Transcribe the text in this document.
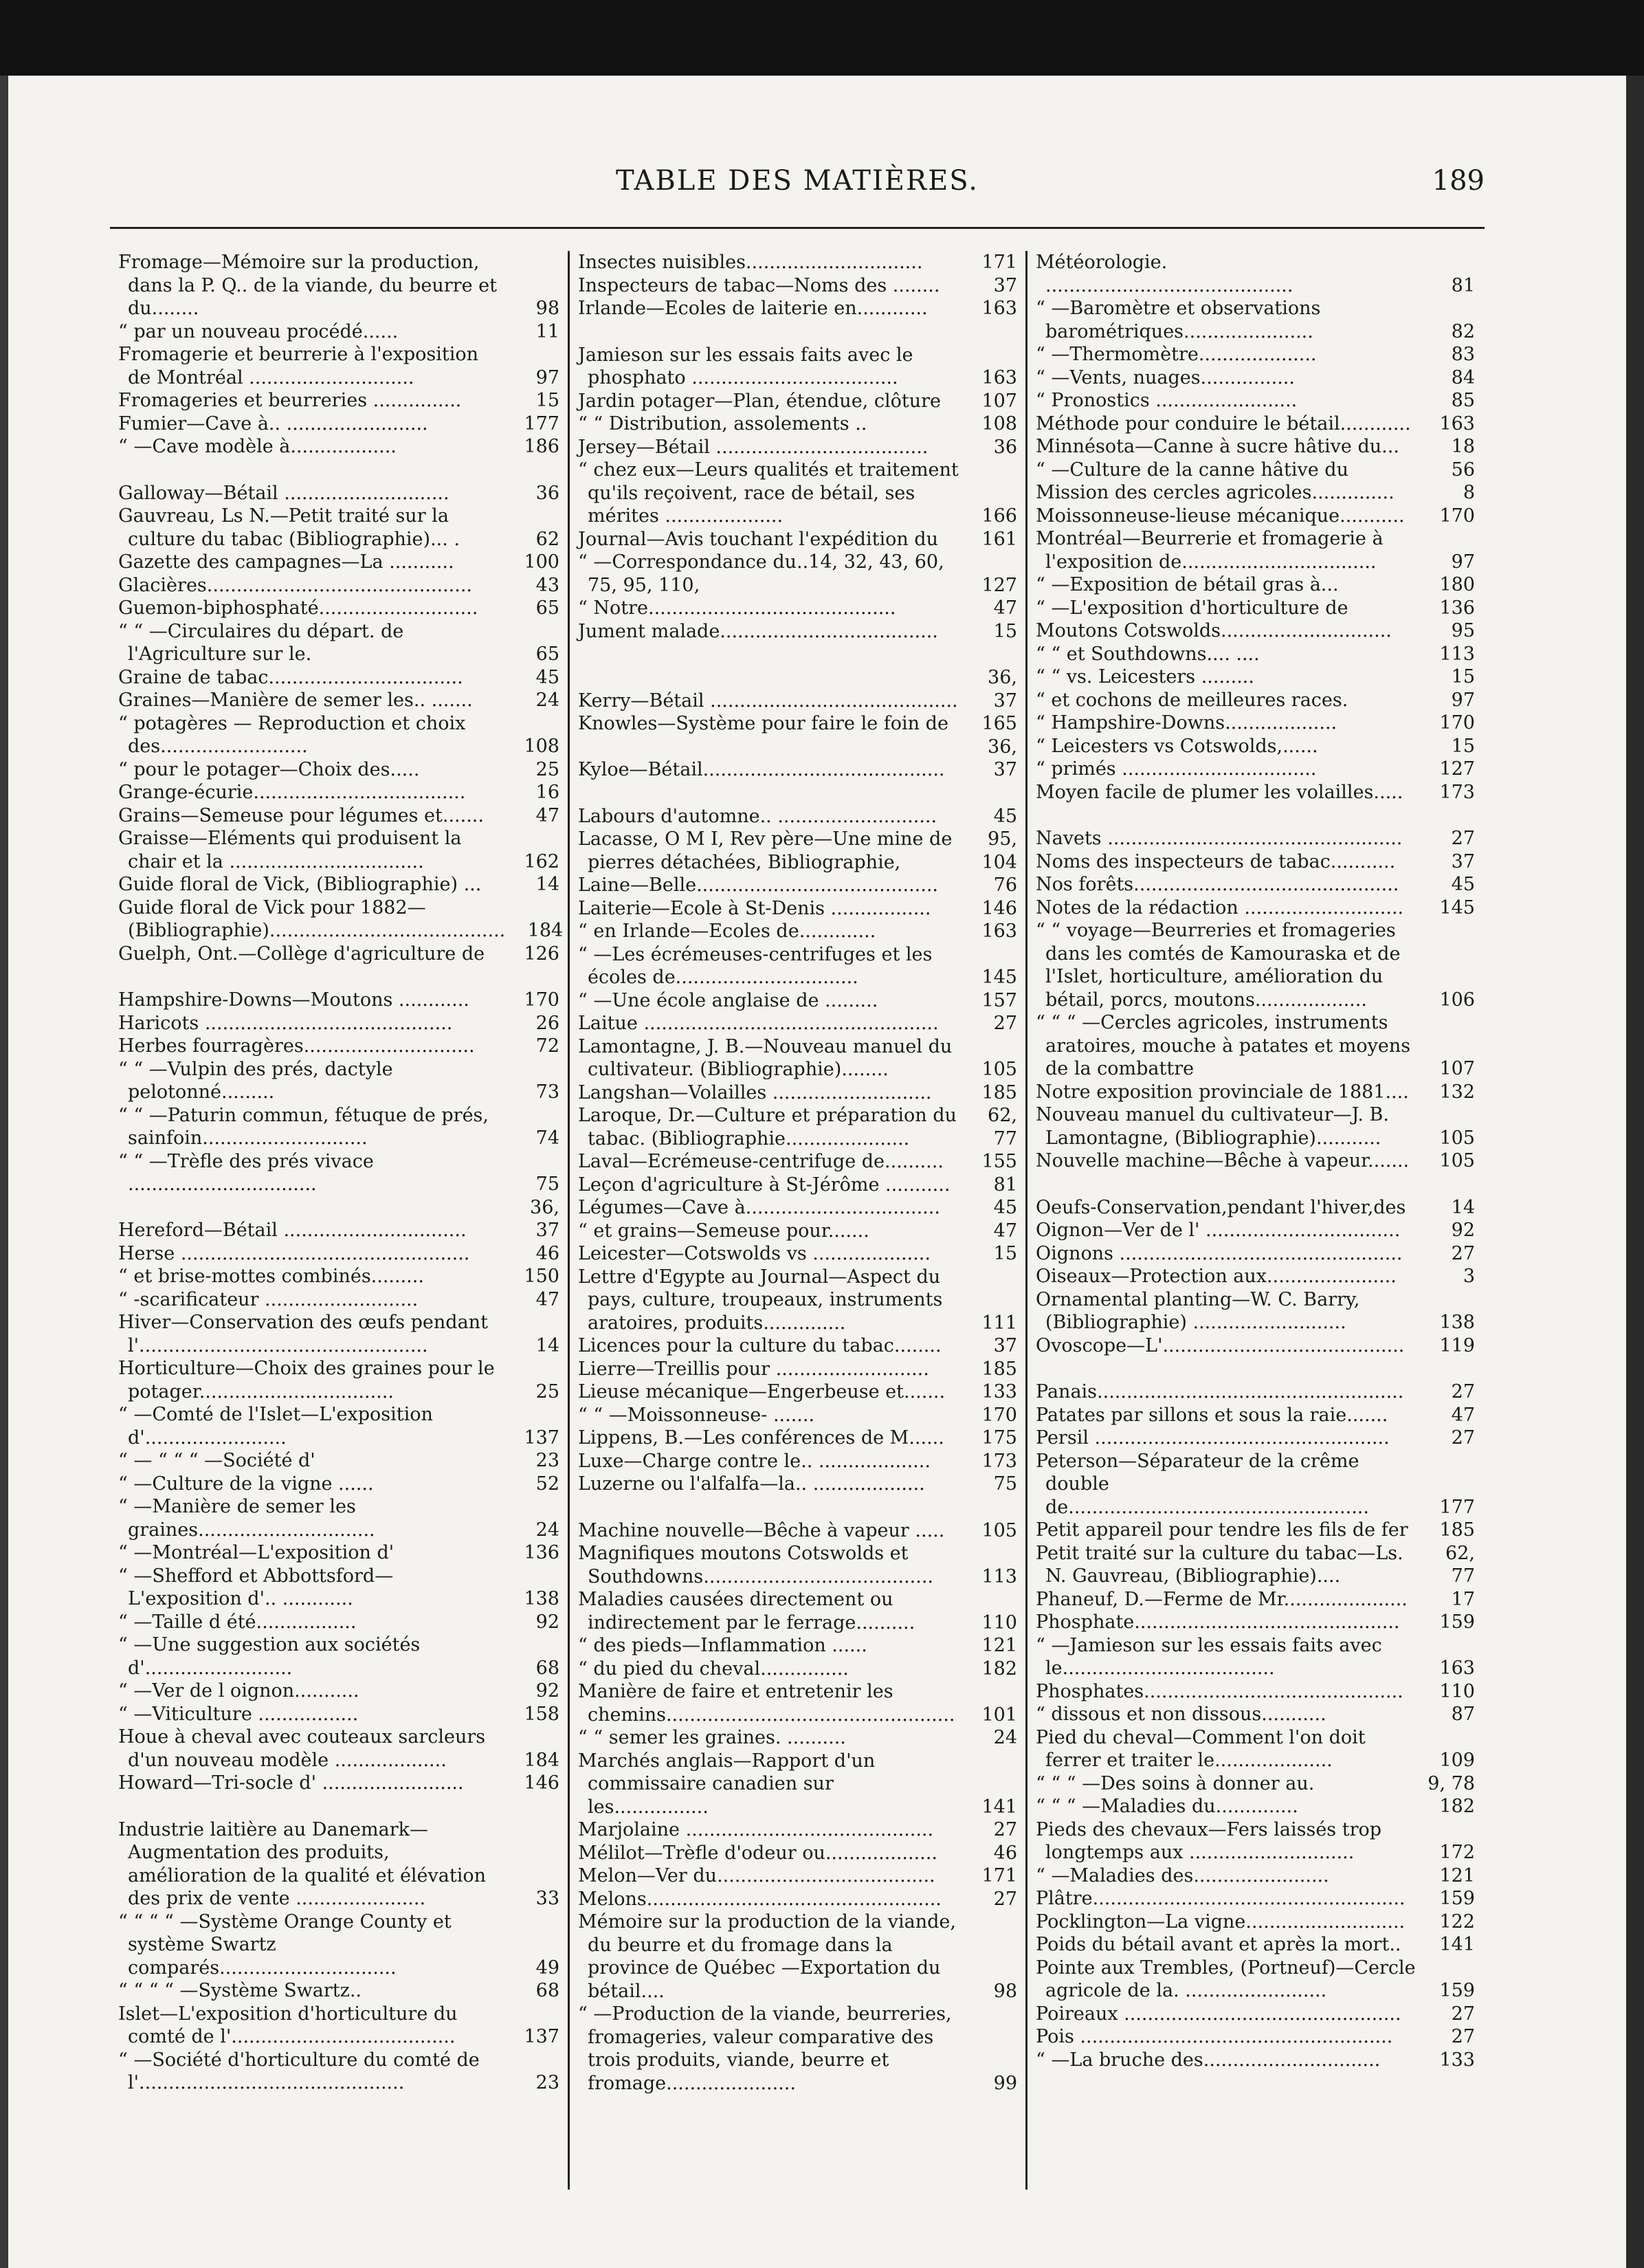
TABLE DES MATIÈRES.	189
Fromage—Mémoire sur la production, dans la P. Q.. de la viande, du beurre et du........	98
“ par un nouveau procédé......	11
Fromagerie et beurrerie à l'exposition de Montréal ............................	97
Fromageries et beurreries ...............	15
Fumier—Cave à.. ........................	177
“ —Cave modèle à..................	186
Galloway—Bétail ............................	36
Gauvreau, Ls N.—Petit traité sur la culture du tabac (Bibliographie)... .	62
Gazette des campagnes—La ...........	100
Glacières.............................................	43
Guemon-biphosphaté...........................	65
“ “ —Circulaires du départ. de l'Agriculture sur le.	65
Graine de tabac.................................	45
Graines—Manière de semer les.. .......	24
“ potagères — Reproduction et choix des.........................	108
“ pour le potager—Choix des.....	25
Grange-écurie....................................	16
Grains—Semeuse pour légumes et.......	47
Graisse—Eléments qui produisent la chair et la .................................	162
Guide floral de Vick, (Bibliographie) ...	14
Guide floral de Vick pour 1882—(Bibliographie)........................................	184
Guelph, Ont.—Collège d'agriculture de	126
Hampshire-Downs—Moutons ............	170
Haricots ..........................................	26
Herbes fourragères.............................	72
“ “ —Vulpin des prés, dactyle pelotonné.........	73
“ “ —Paturin commun, fétuque de prés, sainfoin............................	74
“ “ —Trèfle des prés vivace ................................	75
Hereford—Bétail ...............................
36, 37
Herse .................................................	46
“ et brise-mottes combinés.........	150
“ -scarificateur ..........................	47
Hiver—Conservation des œufs pendant l'.................................................	14
Horticulture—Choix des graines pour le potager.................................	25
“ —Comté de l'Islet—L'exposition d'........................	137
“ — “ “ “ —Société d'	23
“ —Culture de la vigne ......	52
“ —Manière de semer les graines..............................	24
“ —Montréal—L'exposition d'	136
“ —Shefford et Abbottsford—L'exposition d'.. ............	138
“ —Taille d été.................	92
“ —Une suggestion aux sociétés d'.........................	68
“ —Ver de l oignon...........	92
“ —Viticulture .................	158
Houe à cheval avec couteaux sarcleurs d'un nouveau modèle ...................	184
Howard—Tri-socle d' ........................	146
Industrie laitière au Danemark—Augmentation des produits, amélioration de la qualité et élévation des prix de vente ......................	33
“ “ “ “ —Système Orange County et système Swartz comparés..............................	49
“ “ “ “ —Système Swartz..	68
Islet—L'exposition d'horticulture du comté de l'......................................	137
“ —Société d'horticulture du comté de l'.............................................	23
Insectes nuisibles..............................	171
Inspecteurs de tabac—Noms des ........	37
Irlande—Ecoles de laiterie en............	163
Jamieson sur les essais faits avec le phosphato ...................................	163
Jardin potager—Plan, étendue, clôture	107
“ “ Distribution, assolements ..	108
Jersey—Bétail ....................................	36
“ chez eux—Leurs qualités et traitement qu'ils reçoivent, race de bétail, ses mérites ....................	166
Journal—Avis touchant l'expédition du	161
“ —Correspondance du..14, 32, 43, 60, 75, 95, 110,	127
“ Notre..........................................	47
Jument malade.....................................	15
Kerry—Bétail ..........................................
36, 37
Knowles—Système pour faire le foin de	165
Kyloe—Bétail.........................................
36, 37
Labours d'automne.. ...........................	45
Lacasse, O M I, Rev père—Une mine de pierres détachées, Bibliographie,
95, 104
Laine—Belle.........................................	76
Laiterie—Ecole à St-Denis .................	146
“ en Irlande—Ecoles de.............	163
“ —Les écrémeuses-centrifuges et les écoles de...............................	145
“ —Une école anglaise de .........	157
Laitue ..................................................	27
Lamontagne, J. B.—Nouveau manuel du cultivateur. (Bibliographie)........	105
Langshan—Volailles ...........................	185
Laroque, Dr.—Culture et préparation du tabac. (Bibliographie.....................
62, 77
Laval—Ecrémeuse-centrifuge de..........	155
Leçon d'agriculture à St-Jérôme ...........	81
Légumes—Cave à.................................	45
“ et grains—Semeuse pour.......	47
Leicester—Cotswolds vs ....................	15
Lettre d'Egypte au Journal—Aspect du pays, culture, troupeaux, instruments aratoires, produits..............	111
Licences pour la culture du tabac........	37
Lierre—Treillis pour ..........................	185
Lieuse mécanique—Engerbeuse et.......	133
“ “ —Moissonneuse- .......	170
Lippens, B.—Les conférences de M......	175
Luxe—Charge contre le.. ...................	173
Luzerne ou l'alfalfa—la.. ...................	75
Machine nouvelle—Bêche à vapeur .....	105
Magnifiques moutons Cotswolds et Southdowns.......................................	113
Maladies causées directement ou indirectement par le ferrage..........	110
“ des pieds—Inflammation ......	121
“ du pied du cheval...............	182
Manière de faire et entretenir les chemins.................................................	101
“ “ semer les graines. ..........	24
Marchés anglais—Rapport d'un commissaire canadien sur les................	141
Marjolaine ..........................................	27
Mélilot—Trèfle d'odeur ou...................	46
Melon—Ver du.....................................	171
Melons..................................................	27
Mémoire sur la production de la viande, du beurre et du fromage dans la province de Québec —Exportation du bétail....	98
“ —Production de la viande, beurreries, fromageries, valeur comparative des trois produits, viande, beurre et fromage......................	99
Météorologie. ..........................................	81
“ —Baromètre et observations barométriques......................	82
“ —Thermomètre....................	83
“ —Vents, nuages................	84
“ Pronostics ........................	85
Méthode pour conduire le bétail............	163
Minnésota—Canne à sucre hâtive du...	18
“ —Culture de la canne hâtive du	56
Mission des cercles agricoles..............	8
Moissonneuse-lieuse mécanique...........	170
Montréal—Beurrerie et fromagerie à l'exposition de.................................	97
“ —Exposition de bétail gras à...	180
“ —L'exposition d'horticulture de	136
Moutons Cotswolds.............................	95
“ “ et Southdowns.... ....	113
“ “ vs. Leicesters .........	15
“ et cochons de meilleures races.	97
“ Hampshire-Downs...................	170
“ Leicesters vs Cotswolds,......	15
“ primés .................................	127
Moyen facile de plumer les volailles.....	173
Navets ..................................................	27
Noms des inspecteurs de tabac...........	37
Nos forêts.............................................	45
Notes de la rédaction ...........................	145
“ “ voyage—Beurreries et fromageries dans les comtés de Kamouraska et de l'Islet, horticulture, amélioration du bétail, porcs, moutons...................	106
“ “ “ —Cercles agricoles, instruments aratoires, mouche à patates et moyens de la combattre	107
Notre exposition provinciale de 1881....	132
Nouveau manuel du cultivateur—J. B. Lamontagne, (Bibliographie)...........	105
Nouvelle machine—Bêche à vapeur.......	105
Oeufs-Conservation,pendant l'hiver,des	14
Oignon—Ver de l' .................................	92
Oignons ................................................	27
Oiseaux—Protection aux......................	3
Ornamental planting—W. C. Barry, (Bibliographie) ..........................	138
Ovoscope—L'.........................................	119
Panais....................................................	27
Patates par sillons et sous la raie.......	47
Persil ..................................................	27
Peterson—Séparateur de la crême double de...................................................	177
Petit appareil pour tendre les fils de fer	185
Petit traité sur la culture du tabac—Ls. N. Gauvreau, (Bibliographie)....
62, 77
Phaneuf, D.—Ferme de Mr.....................	17
Phosphate.............................................	159
“ —Jamieson sur les essais faits avec le....................................	163
Phosphates............................................	110
“ dissous et non dissous...........	87
Pied du cheval—Comment l'on doit ferrer et traiter le....................	109
“ “ “ —Des soins à donner au.	9, 78
“ “ “ —Maladies du..............	182
Pieds des chevaux—Fers laissés trop longtemps aux ............................	172
“ —Maladies des.......................	121
Plâtre.....................................................	159
Pocklington—La vigne...........................	122
Poids du bétail avant et après la mort..	141
Pointe aux Trembles, (Portneuf)—Cercle agricole de la. ........................	159
Poireaux ...............................................	27
Pois .....................................................	27
“ —La bruche des..............................	133
